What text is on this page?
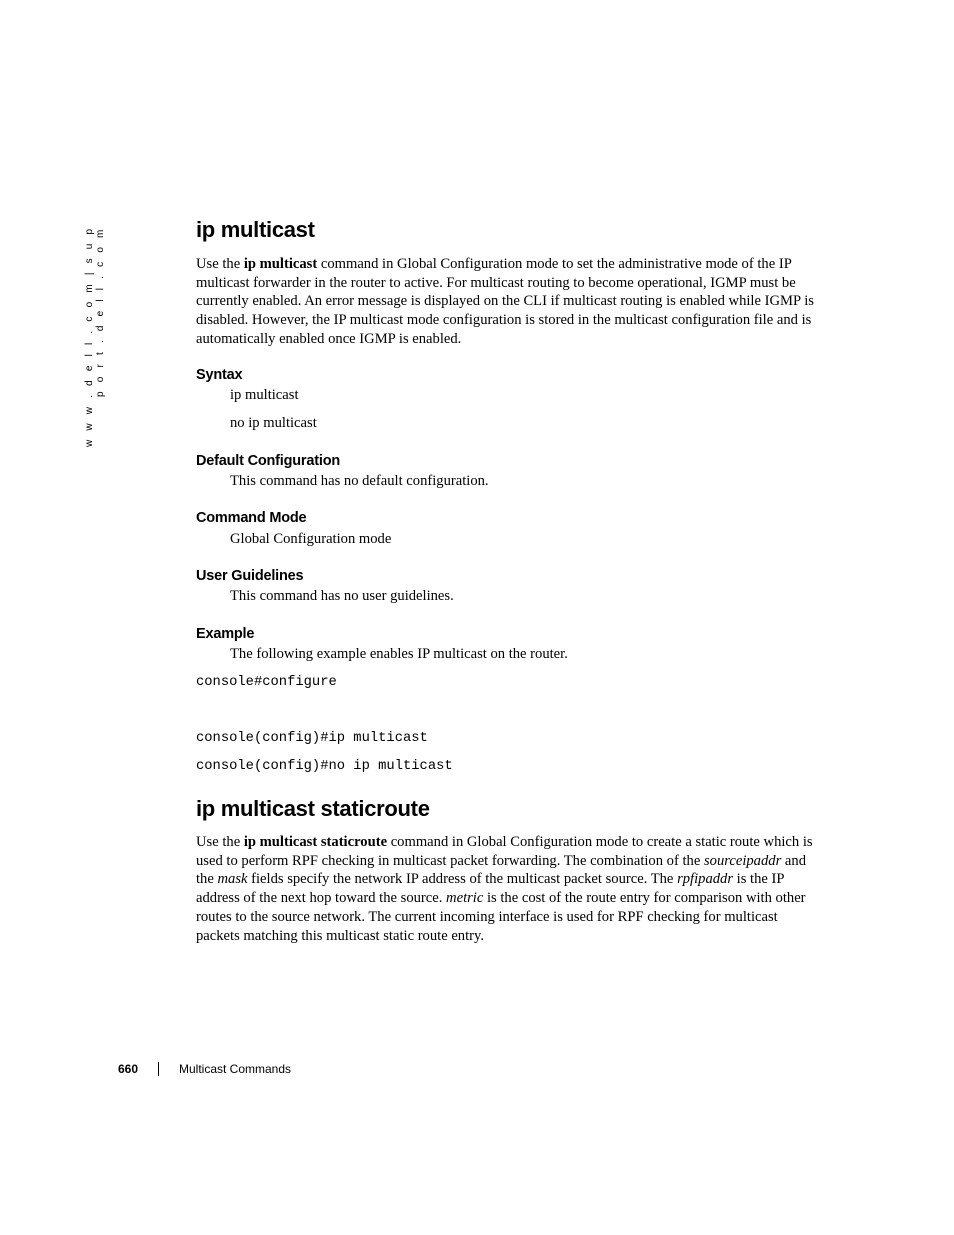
w w w . d e l l . c o m | s u p p o r t . d e l l . c o m	ip multicast

Use the ip multicast command in Global Configuration mode to set the administrative mode of the IP multicast forwarder in the router to active. For multicast routing to become operational, IGMP must be currently enabled. An error message is displayed on the CLI if multicast routing is enabled while IGMP is disabled. However, the IP multicast mode configuration is stored in the multicast configuration file and is automatically enabled once IGMP is enabled.

Syntax

ip multicast

no ip multicast

Default Configuration

This command has no default configuration.

Command Mode

Global Configuration mode

User Guidelines

This command has no user guidelines.

Example

The following example enables IP multicast on the router.

console#configure

console(config)#ip multicast

console(config)#no ip multicast

ip multicast staticroute

Use the ip multicast staticroute command in Global Configuration mode to create a static route which is used to perform RPF checking in multicast packet forwarding. The combination of the sourceipaddr and the mask fields specify the network IP address of the multicast packet source. The rpfipaddr is the IP address of the next hop toward the source. metric is the cost of the route entry for comparison with other routes to the source network. The current incoming interface is used for RPF checking for multicast packets matching this multicast static route entry.

660	Multicast Commands
